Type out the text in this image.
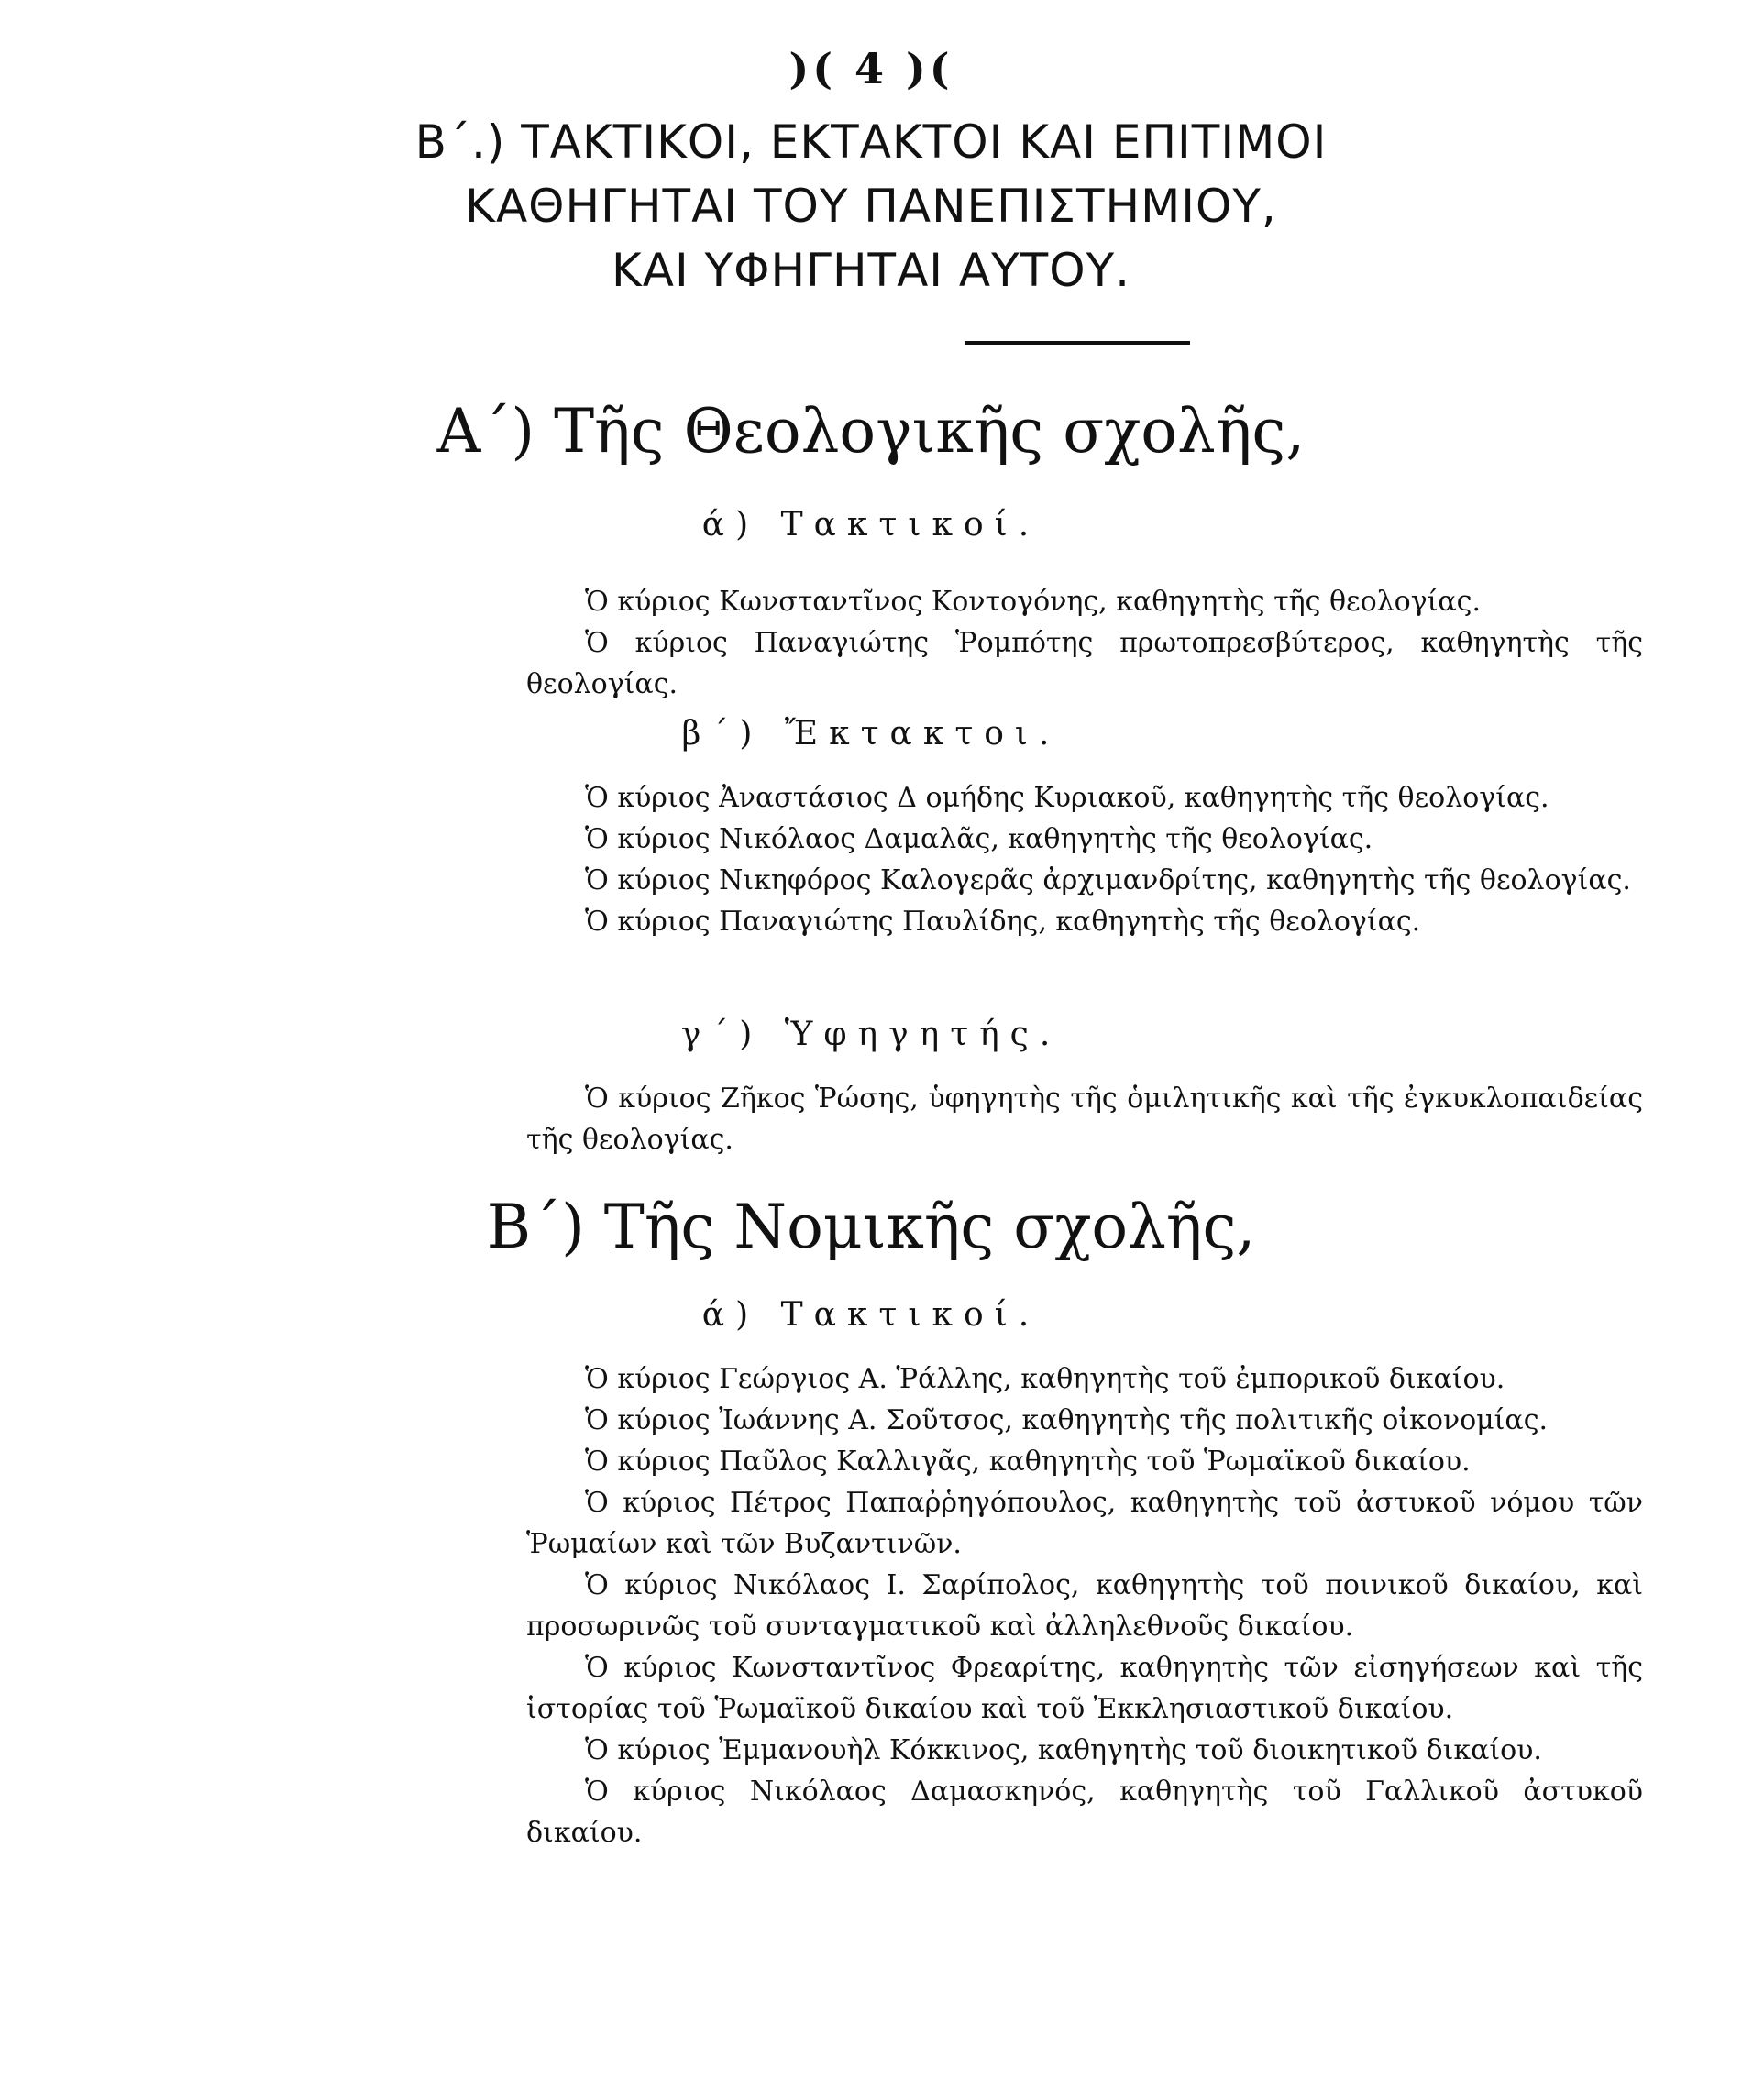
)( 4 )(
Β΄.) ΤΑΚΤΙΚΟΙ, ΕΚΤΑΚΤΟΙ ΚΑΙ ΕΠΙΤΙΜΟΙ
ΚΑΘΗΓΗΤΑΙ ΤΟΥ ΠΑΝΕΠΙΣΤΗΜΙΟΥ,
ΚΑΙ ΥΦΗΓΗΤΑΙ ΑΥΤΟΥ.
Α΄) Τῆς Θεολογικῆς σχολῆς,
ά) Τακτικοί.

Ὁ κύριος Κωνσταντῖνος Κοντογόνης, καθηγητὴς τῆς θεολογίας.

Ὁ κύριος Παναγιώτης Ῥομπότης πρωτοπρεσβύτερος, καθηγητὴς τῆς θεολογίας.

β΄) Ἔκτακτοι.

Ὁ κύριος Ἀναστάσιος Δ ομήδης Κυριακοῦ, καθηγητὴς τῆς θεολογίας.

Ὁ κύριος Νικόλαος Δαμαλᾶς, καθηγητὴς τῆς θεολογίας.

Ὁ κύριος Νικηφόρος Καλογερᾶς ἀρχιμανδρίτης, καθηγητὴς τῆς θεολογίας.

Ὁ κύριος Παναγιώτης Παυλίδης, καθηγητὴς τῆς θεολογίας.

γ΄) Ὑφηγητής.

Ὁ κύριος Ζῆκος Ῥώσης, ὑφηγητὴς τῆς ὁμιλητικῆς καὶ τῆς ἐγκυκλοπαιδείας τῆς θεολογίας.

Β΄) Τῆς Νομικῆς σχολῆς,
ά) Τακτικοί.

Ὁ κύριος Γεώργιος Α. Ῥάλλης, καθηγητὴς τοῦ ἐμπορικοῦ δικαίου.

Ὁ κύριος Ἰωάννης Α. Σοῦτσος, καθηγητὴς τῆς πολιτικῆς οἰκονομίας.

Ὁ κύριος Παῦλος Καλλιγᾶς, καθηγητὴς τοῦ Ῥωμαϊκοῦ δικαίου.

Ὁ κύριος Πέτρος Παπαῤῥηγόπουλος, καθηγητὴς τοῦ ἀστυκοῦ νόμου τῶν Ῥωμαίων καὶ τῶν Βυζαντινῶν.

Ὁ κύριος Νικόλαος Ι. Σαρίπολος, καθηγητὴς τοῦ ποινικοῦ δικαίου, καὶ προσωρινῶς τοῦ συνταγματικοῦ καὶ ἀλληλεθνοῦς δικαίου.

Ὁ κύριος Κωνσταντῖνος Φρεαρίτης, καθηγητὴς τῶν εἰσηγήσεων καὶ τῆς ἱστορίας τοῦ Ῥωμαϊκοῦ δικαίου καὶ τοῦ Ἐκκλησιαστικοῦ δικαίου.

Ὁ κύριος Ἐμμανουὴλ Κόκκινος, καθηγητὴς τοῦ διοικητικοῦ δικαίου.

Ὁ κύριος Νικόλαος Δαμασκηνός, καθηγητὴς τοῦ Γαλλικοῦ ἀστυκοῦ δικαίου.
